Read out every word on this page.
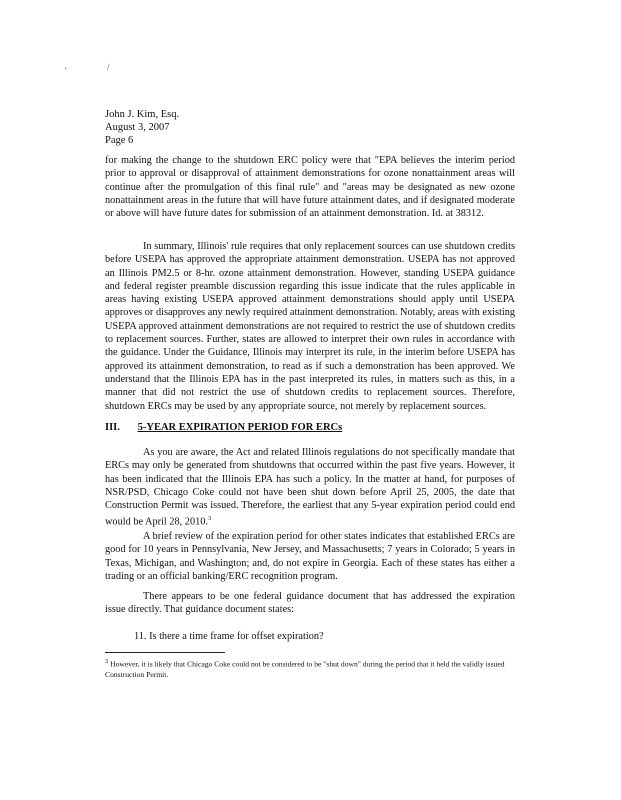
'	/
John J. Kim, Esq.
August 3, 2007
Page 6

for making the change to the shutdown ERC policy were that "EPA believes the interim period prior to approval or disapproval of attainment demonstrations for ozone nonattainment areas will continue after the promulgation of this final rule" and "areas may be designated as new ozone nonattainment areas in the future that will have future attainment dates, and if designated moderate or above will have future dates for submission of an attainment demonstration. Id. at 38312.

In summary, Illinois' rule requires that only replacement sources can use shutdown credits before USEPA has approved the appropriate attainment demonstration. USEPA has not approved an Illinois PM2.5 or 8-hr. ozone attainment demonstration. However, standing USEPA guidance and federal register preamble discussion regarding this issue indicate that the rules applicable in areas having existing USEPA approved attainment demonstrations should apply until USEPA approves or disapproves any newly required attainment demonstration. Notably, areas with existing USEPA approved attainment demonstrations are not required to restrict the use of shutdown credits to replacement sources. Further, states are allowed to interpret their own rules in accordance with the guidance. Under the Guidance, Illinois may interpret its rule, in the interim before USEPA has approved its attainment demonstration, to read as if such a demonstration has been approved. We understand that the Illinois EPA has in the past interpreted its rules, in matters such as this, in a manner that did not restrict the use of shutdown credits to replacement sources. Therefore, shutdown ERCs may be used by any appropriate source, not merely by replacement sources.

III. 5-YEAR EXPIRATION PERIOD FOR ERCs

As you are aware, the Act and related Illinois regulations do not specifically mandate that ERCs may only be generated from shutdowns that occurred within the past five years. However, it has been indicated that the Illinois EPA has such a policy. In the matter at hand, for purposes of NSR/PSD, Chicago Coke could not have been shut down before April 25, 2005, the date that Construction Permit was issued. Therefore, the earliest that any 5-year expiration period could end would be April 28, 2010.$^3$

A brief review of the expiration period for other states indicates that established ERCs are good for 10 years in Pennsylvania, New Jersey, and Massachusetts; 7 years in Colorado; 5 years in Texas, Michigan, and Washington; and, do not expire in Georgia. Each of these states has either a trading or an official banking/ERC recognition program.

There appears to be one federal guidance document that has addressed the expiration issue directly. That guidance document states:

11. Is there a time frame for offset expiration?
$^3$ However, it is likely that Chicago Coke could not be considered to be "shut down" during the period that it held the validly issued Construction Permit.
